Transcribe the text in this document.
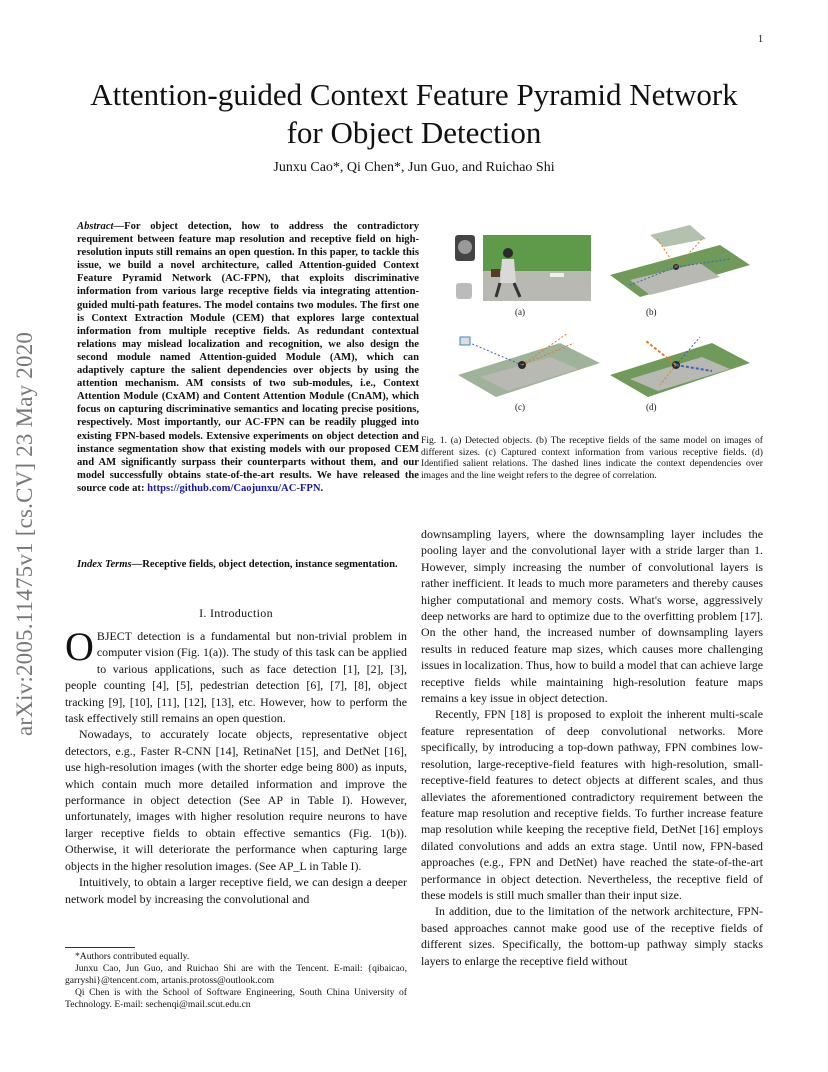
1
arXiv:2005.11475v1 [cs.CV] 23 May 2020
Attention-guided Context Feature Pyramid Network
for Object Detection
Junxu Cao*, Qi Chen*, Jun Guo, and Ruichao Shi
Abstract—For object detection, how to address the contradictory requirement between feature map resolution and receptive field on high-resolution inputs still remains an open question. In this paper, to tackle this issue, we build a novel architecture, called Attention-guided Context Feature Pyramid Network (AC-FPN), that exploits discriminative information from various large receptive fields via integrating attention-guided multi-path features. The model contains two modules. The first one is Context Extraction Module (CEM) that explores large contextual information from multiple receptive fields. As redundant contextual relations may mislead localization and recognition, we also design the second module named Attention-guided Module (AM), which can adaptively capture the salient dependencies over objects by using the attention mechanism. AM consists of two sub-modules, i.e., Context Attention Module (CxAM) and Content Attention Module (CnAM), which focus on capturing discriminative semantics and locating precise positions, respectively. Most importantly, our AC-FPN can be readily plugged into existing FPN-based models. Extensive experiments on object detection and instance segmentation show that existing models with our proposed CEM and AM significantly surpass their counterparts without them, and our model successfully obtains state-of-the-art results. We have released the source code at: https://github.com/Caojunxu/AC-FPN.
Index Terms—Receptive fields, object detection, instance segmentation.
I. Introduction

OBJECT detection is a fundamental but non-trivial problem in computer vision (Fig. 1(a)). The study of this task can be applied to various applications, such as face detection [1], [2], [3], people counting [4], [5], pedestrian detection [6], [7], [8], object tracking [9], [10], [11], [12], [13], etc. However, how to perform the task effectively still remains an open question.

Nowadays, to accurately locate objects, representative object detectors, e.g., Faster R-CNN [14], RetinaNet [15], and DetNet [16], use high-resolution images (with the shorter edge being 800) as inputs, which contain much more detailed information and improve the performance in object detection (See AP in Table I). However, unfortunately, images with higher resolution require neurons to have larger receptive fields to obtain effective semantics (Fig. 1(b)). Otherwise, it will deteriorate the performance when capturing large objects in the higher resolution images. (See AP_L in Table I).

Intuitively, to obtain a larger receptive field, we can design a deeper network model by increasing the convolutional and

*Authors contributed equally.

Junxu Cao, Jun Guo, and Ruichao Shi are with the Tencent. E-mail: {qibaicao, garryshi}@tencent.com, artanis.protoss@outlook.com

Qi Chen is with the School of Software Engineering, South China University of Technology. E-mail: sechenqi@mail.scut.edu.cn

(a)	(b)
(c)	(d)
Fig. 1. (a) Detected objects. (b) The receptive fields of the same model on images of different sizes. (c) Captured context information from various receptive fields. (d) Identified salient relations. The dashed lines indicate the context dependencies over images and the line weight refers to the degree of correlation.

downsampling layers, where the downsampling layer includes the pooling layer and the convolutional layer with a stride larger than 1. However, simply increasing the number of convolutional layers is rather inefficient. It leads to much more parameters and thereby causes higher computational and memory costs. What's worse, aggressively deep networks are hard to optimize due to the overfitting problem [17]. On the other hand, the increased number of downsampling layers results in reduced feature map sizes, which causes more challenging issues in localization. Thus, how to build a model that can achieve large receptive fields while maintaining high-resolution feature maps remains a key issue in object detection.

Recently, FPN [18] is proposed to exploit the inherent multi-scale feature representation of deep convolutional networks. More specifically, by introducing a top-down pathway, FPN combines low-resolution, large-receptive-field features with high-resolution, small-receptive-field features to detect objects at different scales, and thus alleviates the aforementioned contradictory requirement between the feature map resolution and receptive fields. To further increase feature map resolution while keeping the receptive field, DetNet [16] employs dilated convolutions and adds an extra stage. Until now, FPN-based approaches (e.g., FPN and DetNet) have reached the state-of-the-art performance in object detection. Nevertheless, the receptive field of these models is still much smaller than their input size.

In addition, due to the limitation of the network architecture, FPN-based approaches cannot make good use of the receptive fields of different sizes. Specifically, the bottom-up pathway simply stacks layers to enlarge the receptive field without
